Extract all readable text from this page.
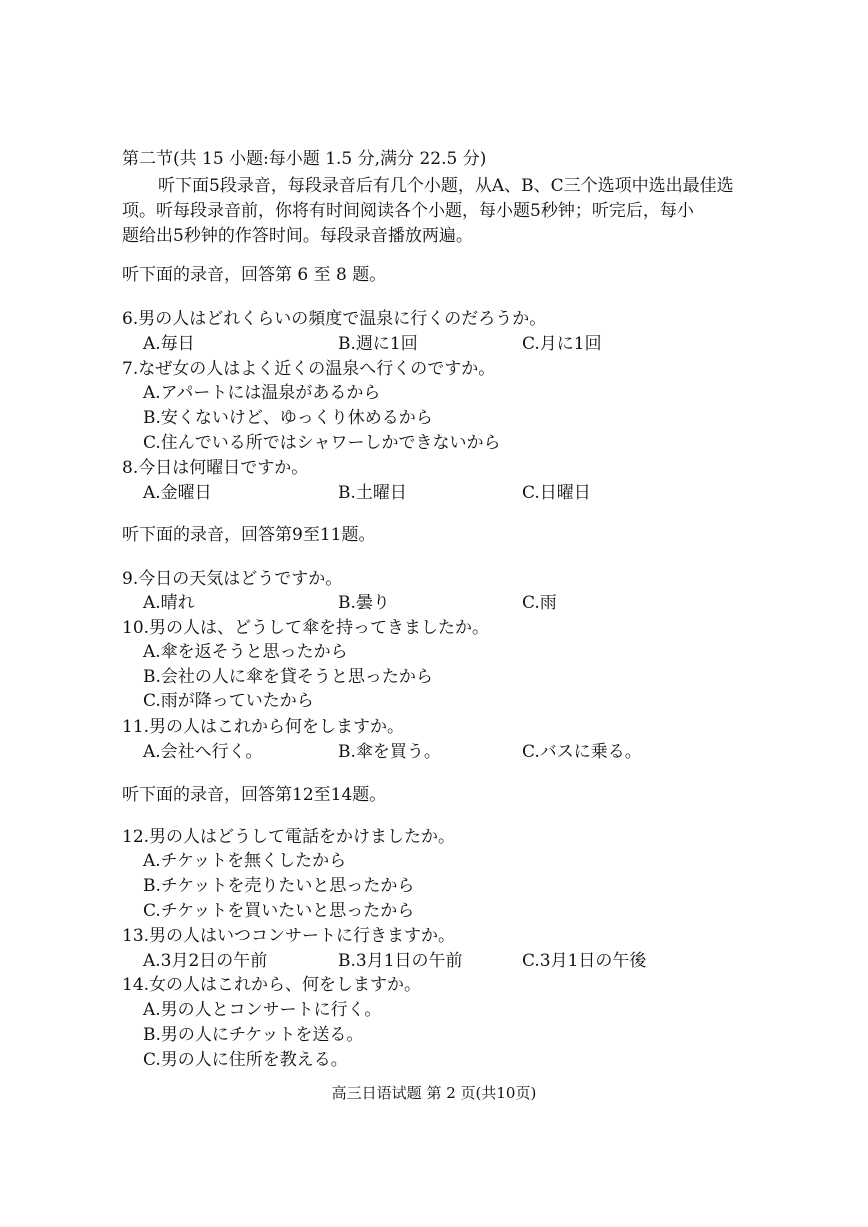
第二节(共 15 小题:每小题 1.5 分,满分 22.5 分)
听下面5段录音，每段录音后有几个小题，从A、B、C三个选项中选出最佳选
项。听每段录音前，你将有时间阅读各个小题，每小题5秒钟；听完后，每小
题给出5秒钟的作答时间。每段录音播放两遍。
听下面的录音，回答第 6 至 8 题。
6.男の人はどれくらいの頻度で温泉に行くのだろうか。
A.毎日	B.週に1回	C.月に1回
7.なぜ女の人はよく近くの温泉へ行くのですか。
A.アパートには温泉があるから
B.安くないけど、ゆっくり休めるから
C.住んでいる所ではシャワーしかできないから
8.今日は何曜日ですか。
A.金曜日	B.土曜日	C.日曜日
听下面的录音，回答第9至11题。
9.今日の天気はどうですか。
A.晴れ	B.曇り	C.雨
10.男の人は、どうして傘を持ってきましたか。
A.傘を返そうと思ったから
B.会社の人に傘を貸そうと思ったから
C.雨が降っていたから
11.男の人はこれから何をしますか。
A.会社へ行く。	B.傘を買う。	C.バスに乗る。
听下面的录音，回答第12至14题。
12.男の人はどうして電話をかけましたか。
A.チケットを無くしたから
B.チケットを売りたいと思ったから
C.チケットを買いたいと思ったから
13.男の人はいつコンサートに行きますか。
A.3月2日の午前	B.3月1日の午前	C.3月1日の午後
14.女の人はこれから、何をしますか。
A.男の人とコンサートに行く。
B.男の人にチケットを送る。
C.男の人に住所を教える。
高三日语试题 第 2 页(共10页)
